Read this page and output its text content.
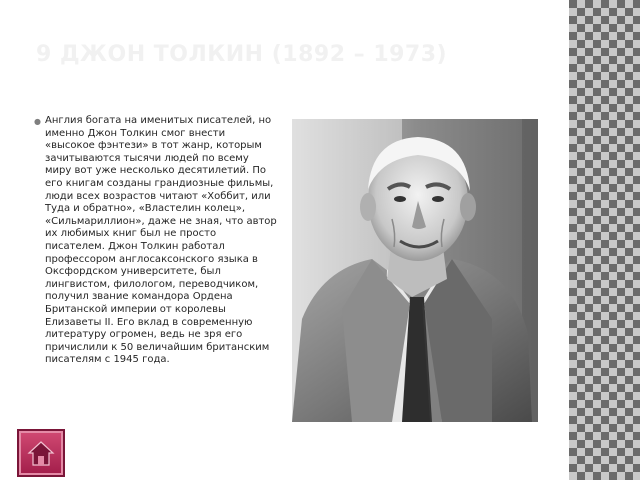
9 ДЖОН ТОЛКИН (1892 – 1973)
● Англия богата на именитых писателей, но именно Джон Толкин смог внести «высокое фэнтези» в тот жанр, которым зачитываются тысячи людей по всему миру вот уже несколько десятилетий. По его книгам созданы грандиозные фильмы, люди всех возрастов читают «Хоббит, или Туда и обратно», «Властелин колец», «Сильмариллион», даже не зная, что автор их любимых книг был не просто писателем. Джон Толкин работал профессором англосаксонского языка в Оксфордском университете, был лингвистом, филологом, переводчиком, получил звание командора Ордена Британской империи от королевы Елизаветы II. Его вклад в современную литературу огромен, ведь не зря его причислили к 50 величайшим британским писателям с 1945 года.
